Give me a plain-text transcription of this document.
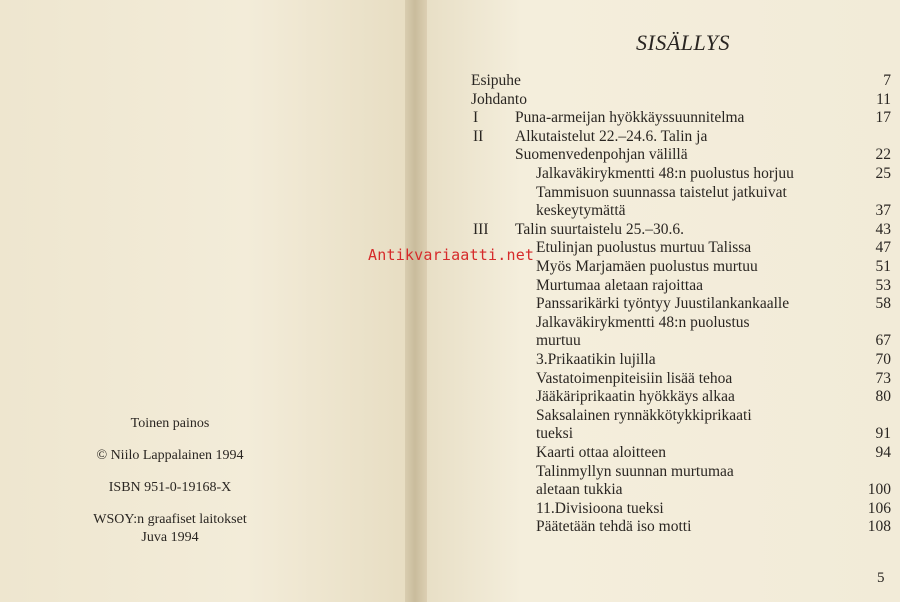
Toinen painos
© Niilo Lappalainen 1994
ISBN 951-0-19168-X
WSOY:n graafiset laitokset
Juva 1994
Antikvariaatti.net
SISÄLLYS
Esipuhe	7
Johdanto	11
I Puna-armeijan hyökkäyssuunnitelma	17
II Alkutaistelut 22.–24.6. Talin ja
Suomenvedenpohjan välillä	22
Jalkaväkirykmentti 48:n puolustus horjuu	25
Tammisuon suunnassa taistelut jatkuivat
keskeytymättä	37
III Talin suurtaistelu 25.–30.6.	43
Etulinjan puolustus murtuu Talissa	47
Myös Marjamäen puolustus murtuu	51
Murtumaa aletaan rajoittaa	53
Panssarikärki työntyy Juustilankankaalle	58
Jalkaväkirykmentti 48:n puolustus
murtuu	67
3.Prikaatikin lujilla	70
Vastatoimenpiteisiin lisää tehoa	73
Jääkäriprikaatin hyökkäys alkaa	80
Saksalainen rynnäkkötykkiprikaati
tueksi	91
Kaarti ottaa aloitteen	94
Talinmyllyn suunnan murtumaa
aletaan tukkia	100
11.Divisioona tueksi	106
Päätetään tehdä iso motti	108
5
